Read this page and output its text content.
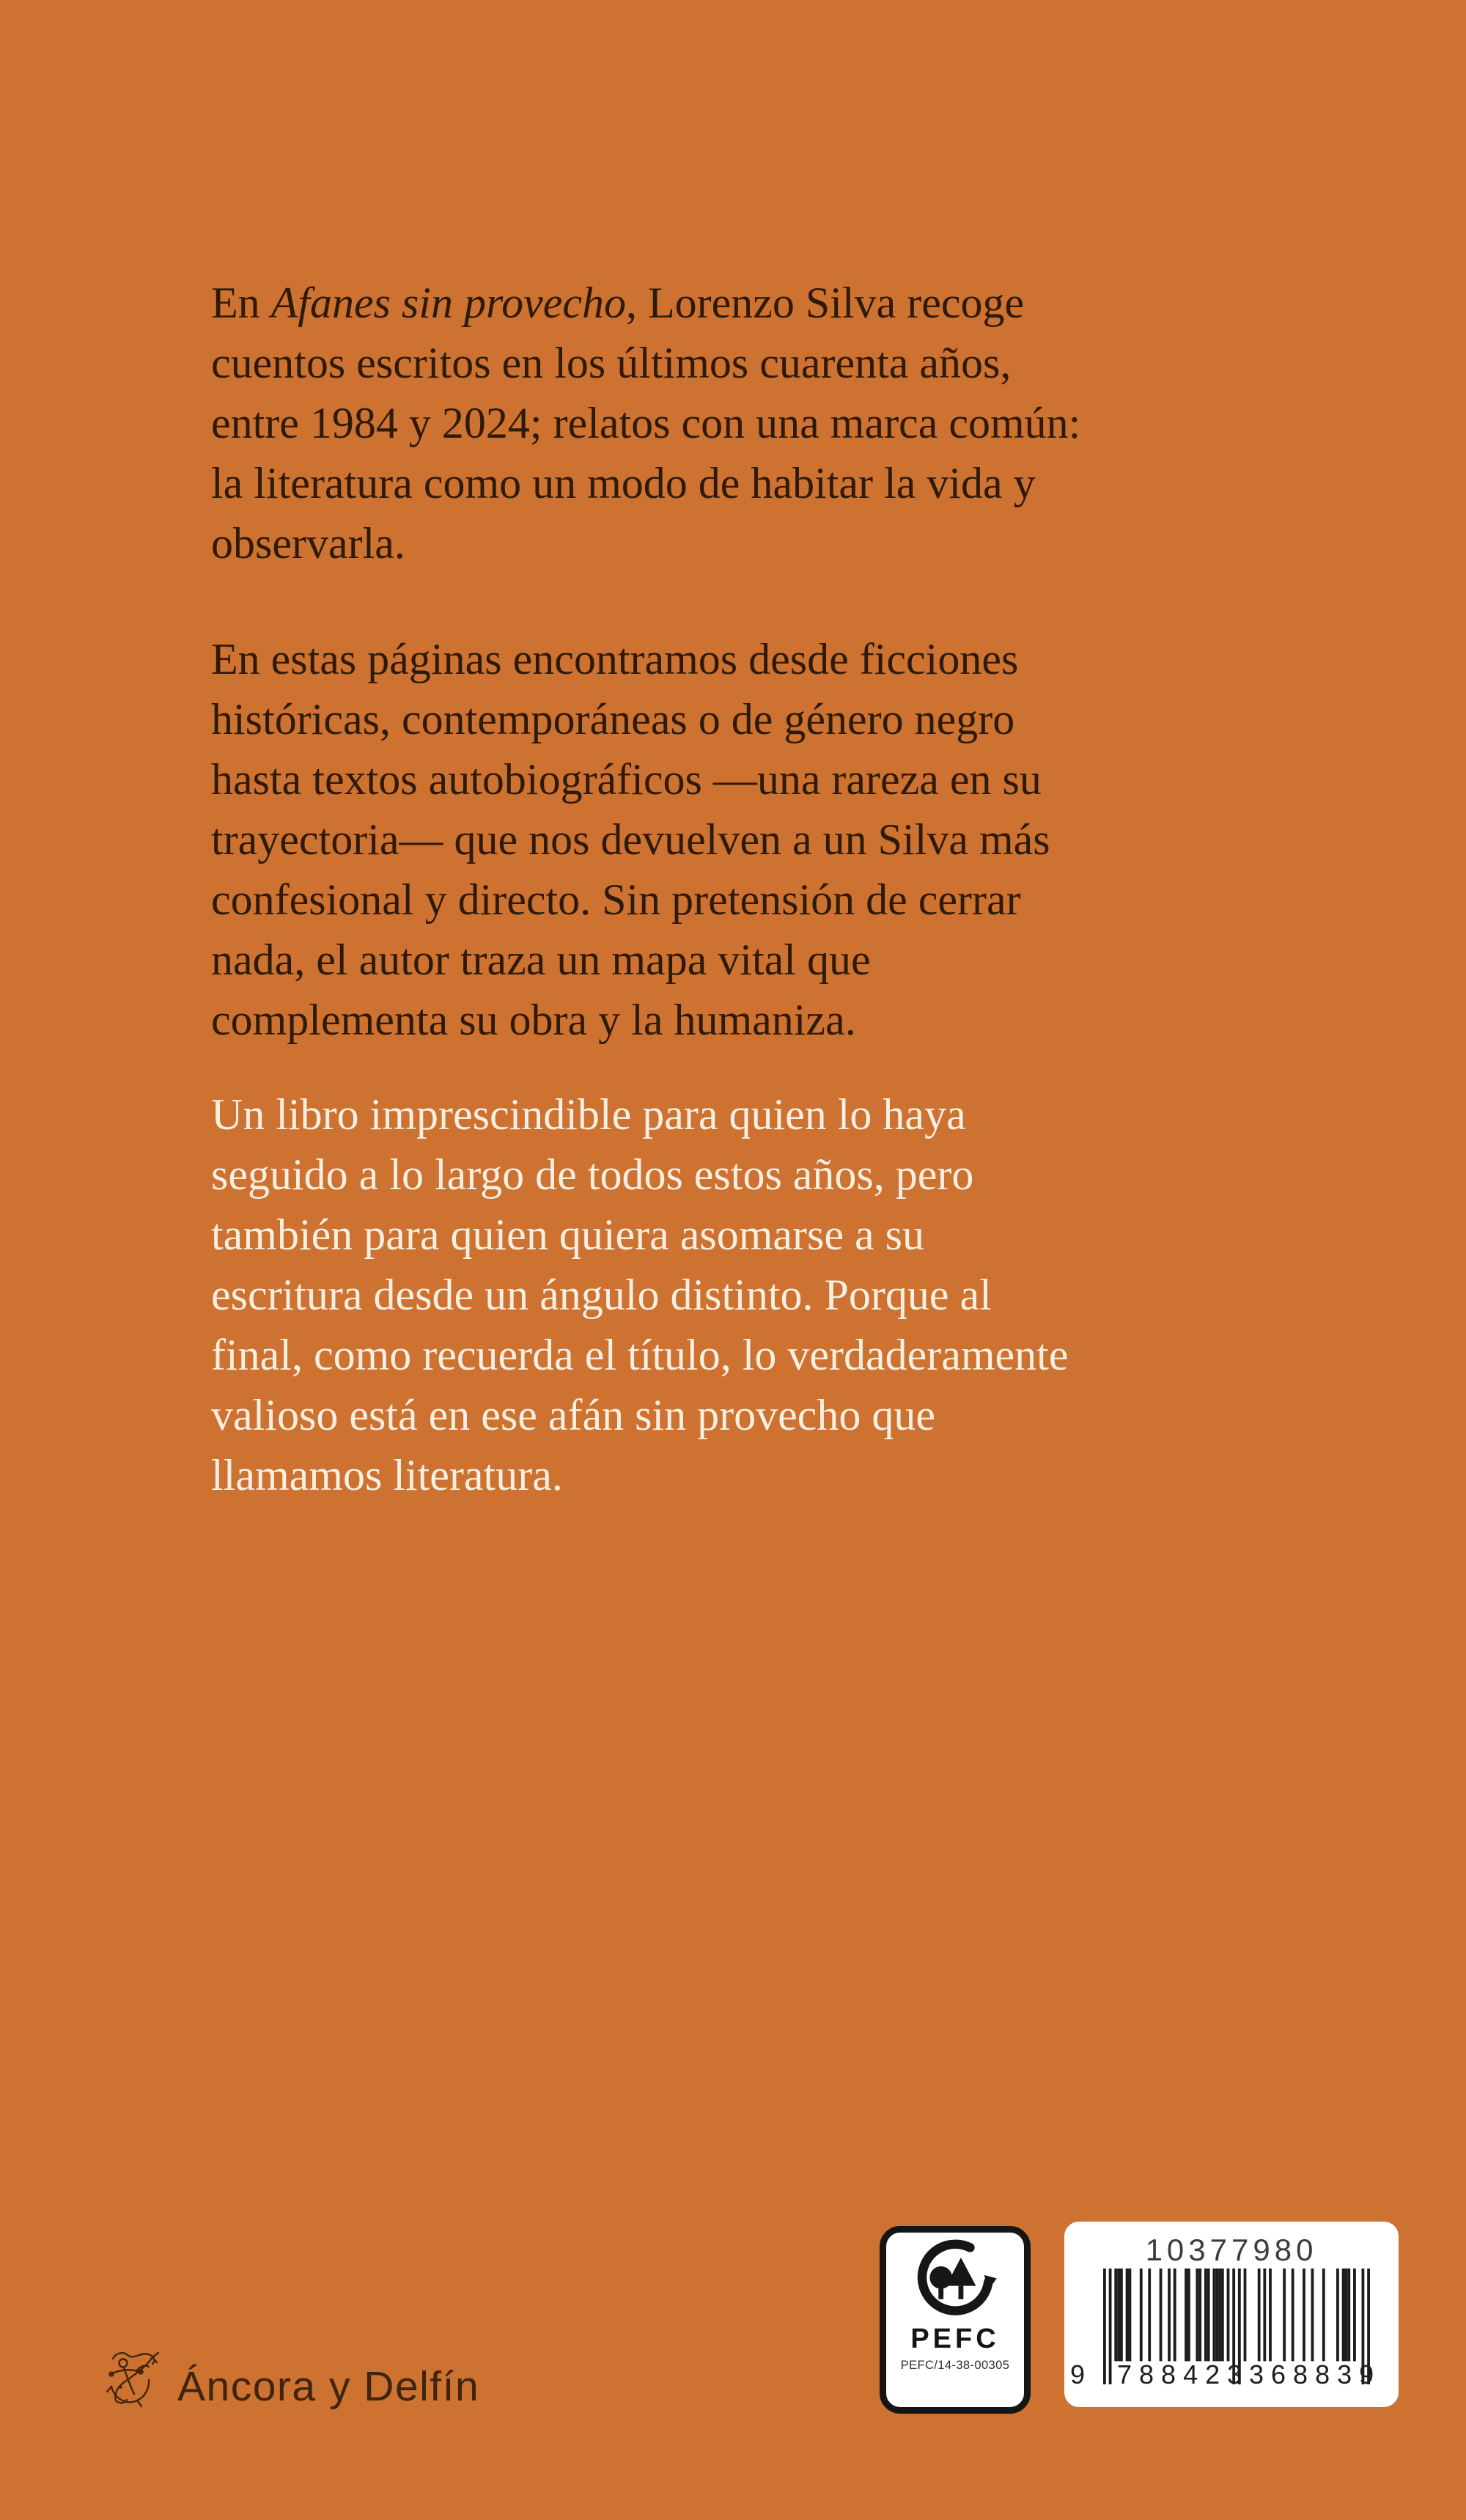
En Afanes sin provecho, Lorenzo Silva recoge
cuentos escritos en los últimos cuarenta años,
entre 1984 y 2024; relatos con una marca común:
la literatura como un modo de habitar la vida y
observarla.

En estas páginas encontramos desde ficciones
históricas, contemporáneas o de género negro
hasta textos autobiográficos —una rareza en su
trayectoria— que nos devuelven a un Silva más
confesional y directo. Sin pretensión de cerrar
nada, el autor traza un mapa vital que
complementa su obra y la humaniza.

Un libro imprescindible para quien lo haya
seguido a lo largo de todos estos años, pero
también para quien quiera asomarse a su
escritura desde un ángulo distinto. Porque al
final, como recuerda el título, lo verdaderamente
valioso está en ese afán sin provecho que
llamamos literatura.

Áncora y Delfín
PEFC
PEFC/14-38-00305
10377980
9 788423 368839
